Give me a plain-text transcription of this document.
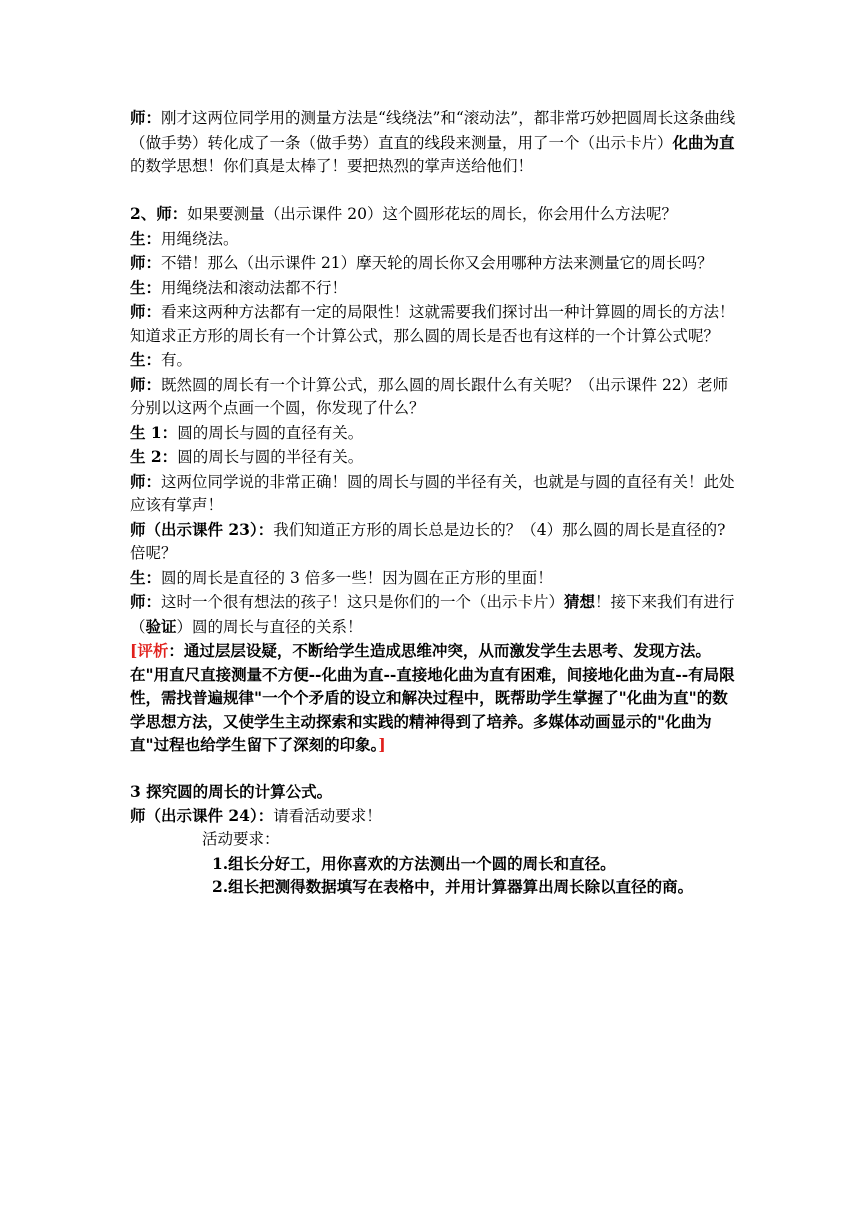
师：刚才这两位同学用的测量方法是“线绕法”和“滚动法”，都非常巧妙把圆周长这条曲线（做手势）转化成了一条（做手势）直直的线段来测量，用了一个（出示卡片）化曲为直 的数学思想！你们真是太棒了！要把热烈的掌声送给他们！

2、师：如果要测量（出示课件 20）这个圆形花坛的周长，你会用什么方法呢？

生：用绳绕法。

师：不错！那么（出示课件 21）摩天轮的周长你又会用哪种方法来测量它的周长吗？

生：用绳绕法和滚动法都不行！

师：看来这两种方法都有一定的局限性！这就需要我们探讨出一种计算圆的周长的方法！知道求正方形的周长有一个计算公式，那么圆的周长是否也有这样的一个计算公式呢？

生：有。

师：既然圆的周长有一个计算公式，那么圆的周长跟什么有关呢？（出示课件 22）老师分别以这两个点画一个圆，你发现了什么？

生 1：圆的周长与圆的直径有关。

生 2：圆的周长与圆的半径有关。

师：这两位同学说的非常正确！圆的周长与圆的半径有关，也就是与圆的直径有关！此处应该有掌声！

师（出示课件 23）：我们知道正方形的周长总是边长的？（4）那么圆的周长是直径的?倍呢？

生：圆的周长是直径的 3 倍多一些！因为圆在正方形的里面！

师：这时一个很有想法的孩子！这只是你们的一个（出示卡片）猜想！接下来我们有进行（验证）圆的周长与直径的关系！

[评析：通过层层设疑，不断给学生造成思维冲突，从而激发学生去思考、发现方法。在"用直尺直接测量不方便--化曲为直--直接地化曲为直有困难，间接地化曲为直--有局限性，需找普遍规律"一个个矛盾的设立和解决过程中，既帮助学生掌握了"化曲为直"的数学思想方法，又使学生主动探索和实践的精神得到了培养。多媒体动画显示的"化曲为直"过程也给学生留下了深刻的印象。]

3 探究圆的周长的计算公式。

师（出示课件 24）：请看活动要求！

活动要求：

1.组长分好工，用你喜欢的方法测出一个圆的周长和直径。

2.组长把测得数据填写在表格中，并用计算器算出周长除以直径的商。
